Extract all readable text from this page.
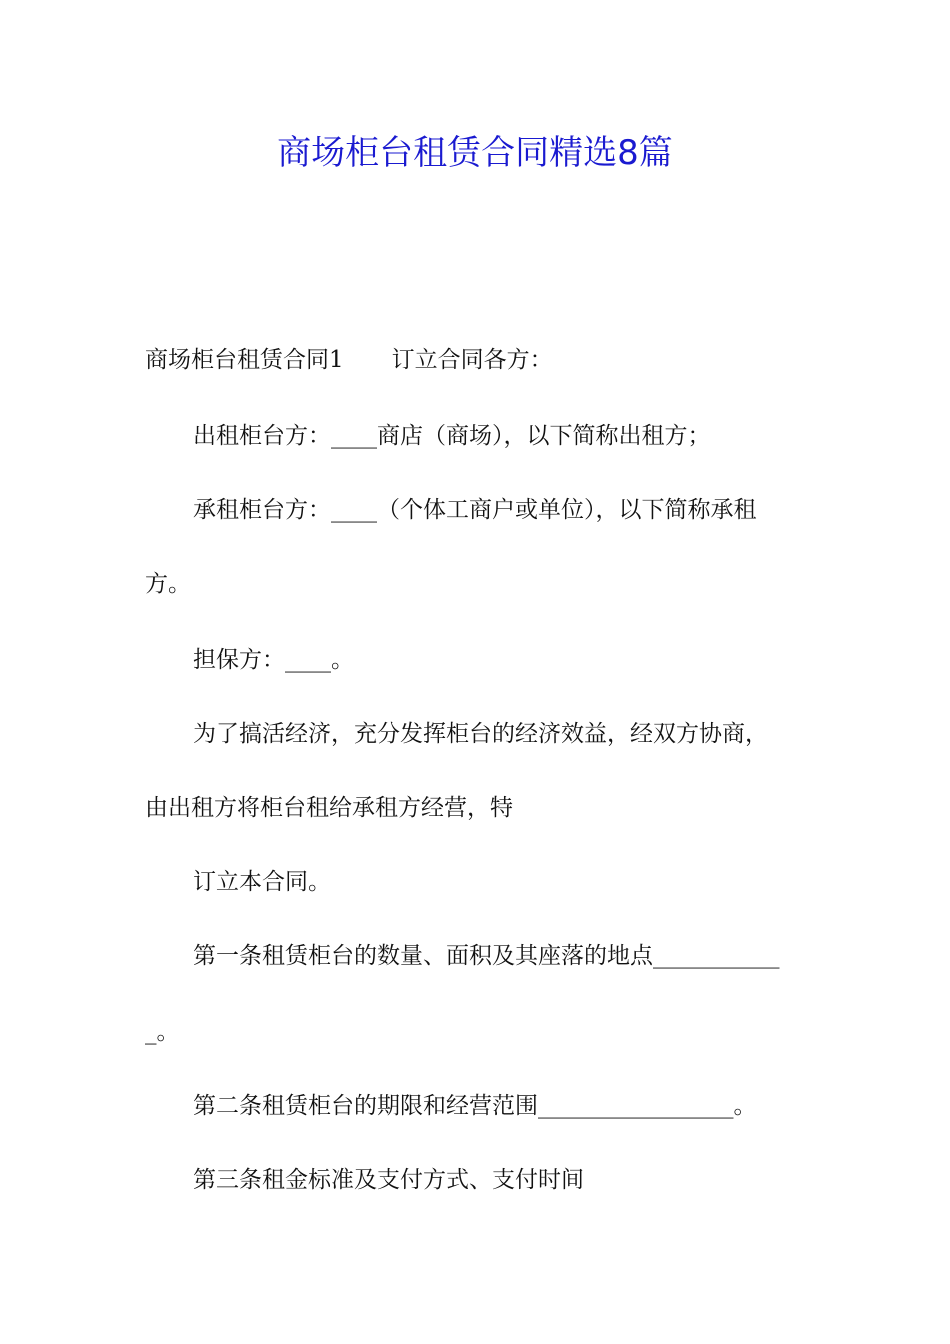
商场柜台租赁合同精选8篇

商场柜台租赁合同1 订立合同各方：

出租柜台方：____商店（商场），以下简称出租方；

承租柜台方：____（个体工商户或单位），以下简称承租

方。

担保方：____。

为了搞活经济，充分发挥柜台的经济效益，经双方协商，

由出租方将柜台租给承租方经营，特

订立本合同。

第一条租赁柜台的数量、面积及其座落的地点___________

_。

第二条租赁柜台的期限和经营范围_________________。

第三条租金标准及支付方式、支付时间
